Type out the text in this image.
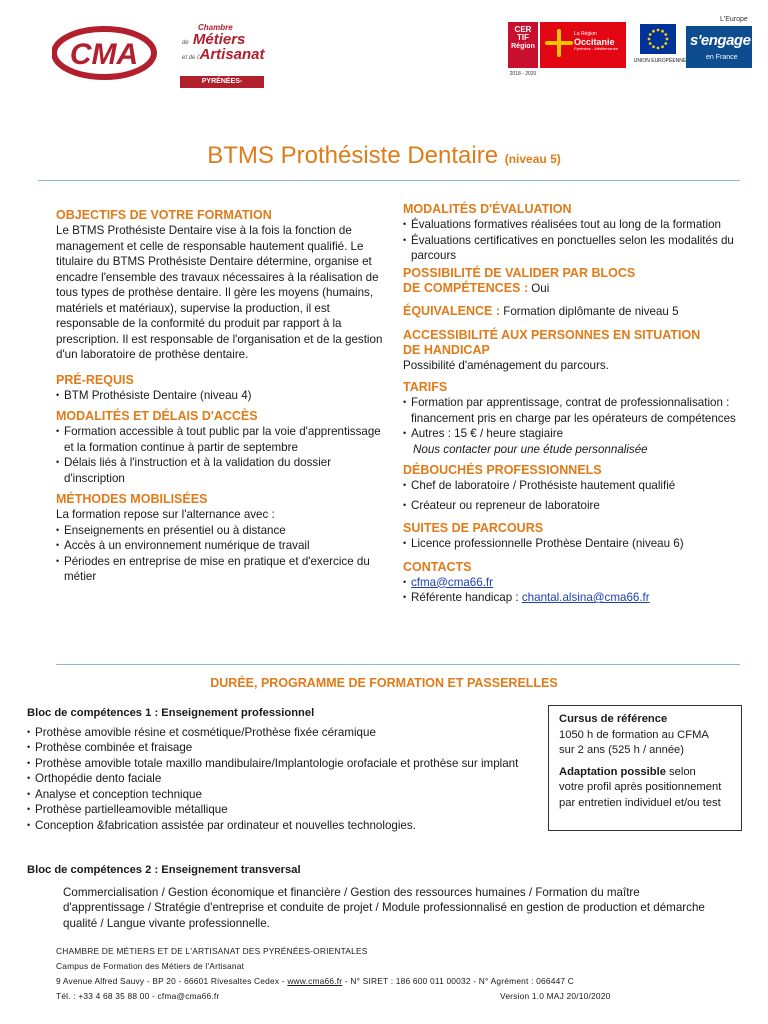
CMA
Chambre
de Métiers
et de l'Artisanat
PYRÉNÉES-ORIENTALES
CER
TIF
Région
2018 - 2020
La Région
Occitanie
Pyrénées - Méditerranée
UNION EUROPÉENNE
L'Europe
s'engage
en France
BTMS Prothésiste Dentaire (niveau 5)
OBJECTIFS DE VOTRE FORMATION
Le BTMS Prothésiste Dentaire vise à la fois la fonction de management et celle de responsable hautement qualifié. Le titulaire du BTMS Prothésiste Dentaire détermine, organise et encadre l'ensemble des travaux nécessaires à la réalisation de tous types de prothèse dentaire. Il gère les moyens (humains, matériels et matériaux), supervise la production, il est responsable de la conformité du produit par rapport à la prescription. Il est responsable de l'organisation et de la gestion d'un laboratoire de prothèse dentaire.
PRÉ-REQUIS
• BTM Prothésiste Dentaire (niveau 4)
MODALITÉS ET DÉLAIS D'ACCÈS
• Formation accessible à tout public par la voie d'apprentissage et la formation continue à partir de septembre
• Délais liés à l'instruction et à la validation du dossier d'inscription
MÉTHODES MOBILISÉES
La formation repose sur l'alternance avec :
• Enseignements en présentiel ou à distance
• Accès à un environnement numérique de travail
• Périodes en entreprise de mise en pratique et d'exercice du métier
MODALITÉS D'ÉVALUATION
• Évaluations formatives réalisées tout au long de la formation
• Évaluations certificatives en ponctuelles selon les modalités du parcours
POSSIBILITÉ DE VALIDER PAR BLOCS
DE COMPÉTENCES : Oui
ÉQUIVALENCE : Formation diplômante de niveau 5
ACCESSIBILITÉ AUX PERSONNES EN SITUATION
DE HANDICAP
Possibilité d'aménagement du parcours.
TARIFS
• Formation par apprentissage, contrat de professionnalisation : financement pris en charge par les opérateurs de compétences
• Autres : 15 € / heure stagiaire
Nous contacter pour une étude personnalisée
DÉBOUCHÉS PROFESSIONNELS
• Chef de laboratoire / Prothésiste hautement qualifié
• Créateur ou repreneur de laboratoire
SUITES DE PARCOURS
• Licence professionnelle Prothèse Dentaire (niveau 6)
CONTACTS
• cfma@cma66.fr
• Référente handicap : chantal.alsina@cma66.fr
DURÉE, PROGRAMME DE FORMATION ET PASSERELLES
Bloc de compétences 1 : Enseignement professionnel
• Prothèse amovible résine et cosmétique/Prothèse fixée céramique
• Prothèse combinée et fraisage
• Prothèse amovible totale maxillo mandibulaire/Implantologie orofaciale et prothèse sur implant
• Orthopédie dento faciale
• Analyse et conception technique
• Prothèse partielleamovible métallique
• Conception &fabrication assistée par ordinateur et nouvelles technologies.
Cursus de référence
1050 h de formation au CFMA
sur 2 ans (525 h / année)
Adaptation possible selon
votre profil après positionnement
par entretien individuel et/ou test
Bloc de compétences 2 : Enseignement transversal
Commercialisation / Gestion économique et financière / Gestion des ressources humaines / Formation du maître d'apprentissage / Stratégie d'entreprise et conduite de projet / Module professionnalisé en gestion de production et démarche qualité / Langue vivante professionnelle.
CHAMBRE DE MÉTIERS ET DE L'ARTISANAT DES PYRÉNÉES-ORIENTALES
Campus de Formation des Métiers de l'Artisanat
9 Avenue Alfred Sauvy - BP 20 - 66601 Rivesaltes Cedex - www.cma66.fr - N° SIRET : 186 600 011 00032 - N° Agrément : 066447 C
Tél. : +33 4 68 35 88 00 - cfma@cma66.fr	Version 1.0 MAJ 20/10/2020
